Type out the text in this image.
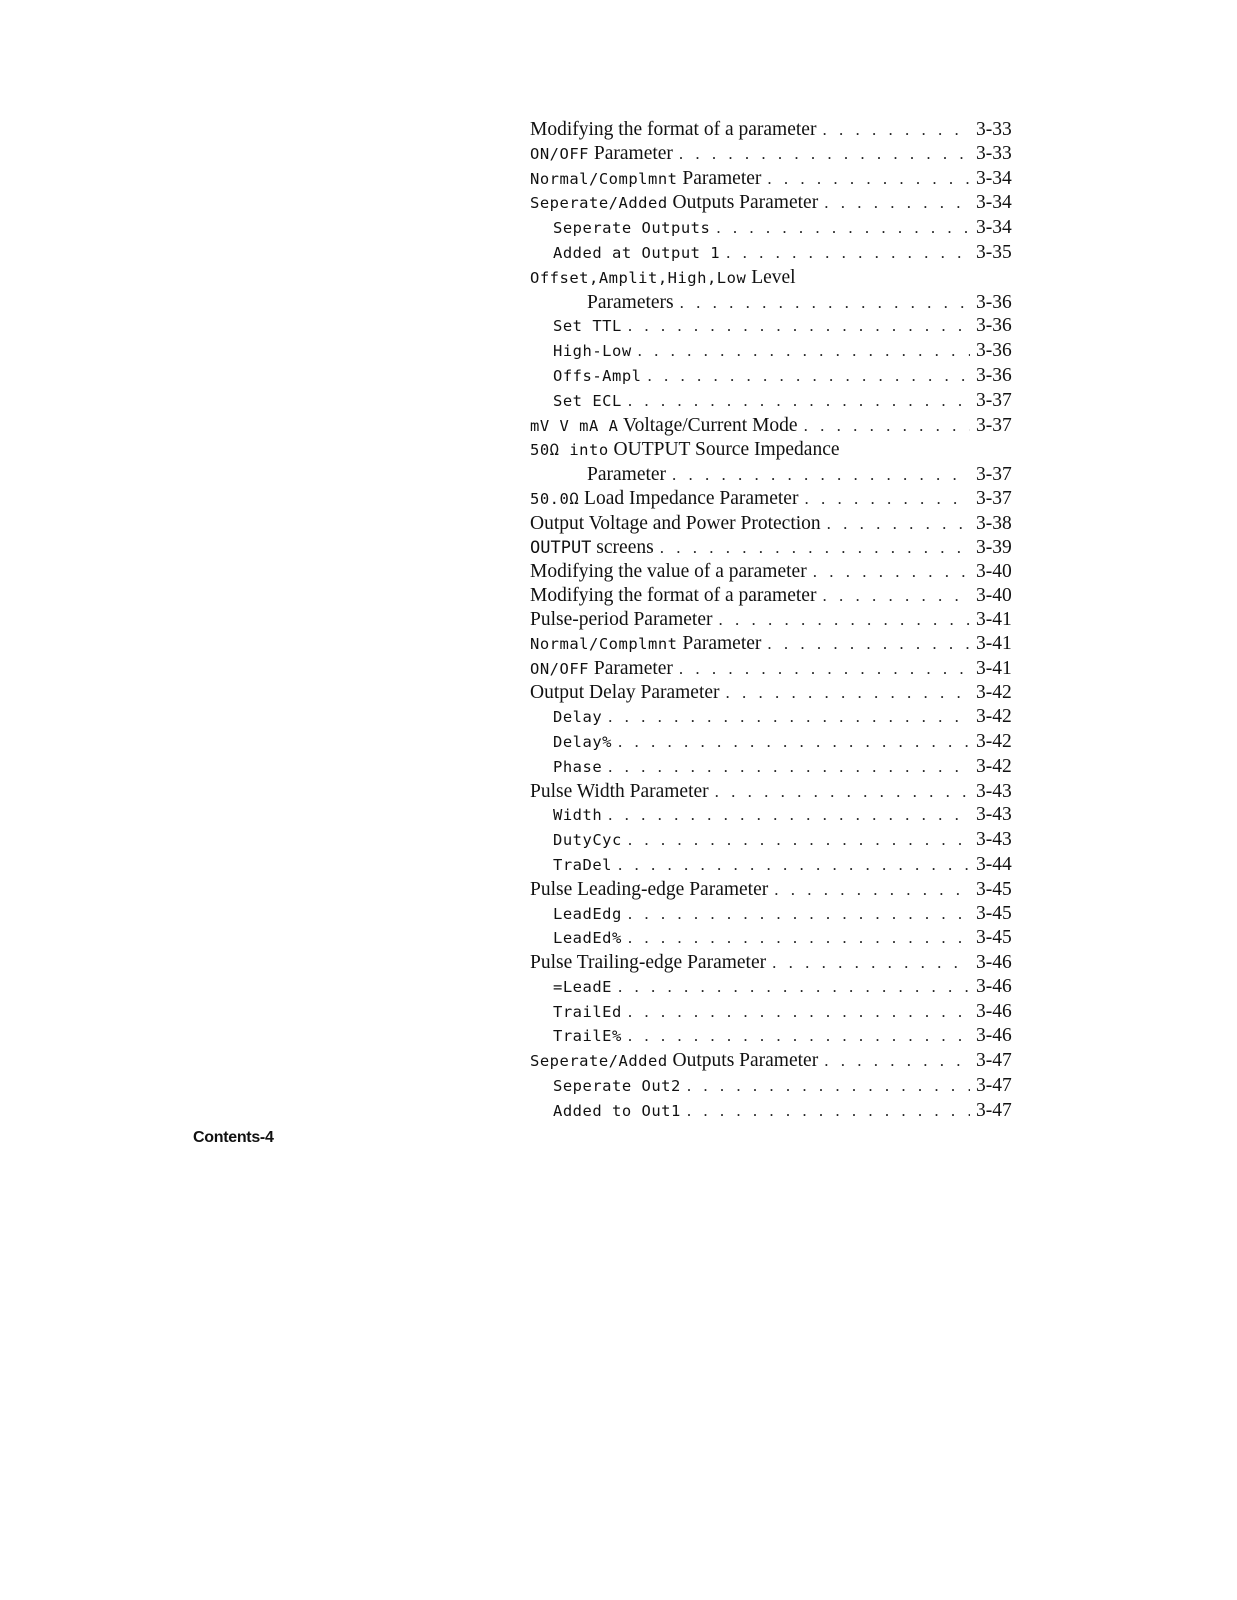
Modifying the format of a parameter . . .	3-33
ON/OFF Parameter . . .	3-33
Normal/Complmnt Parameter . . .	3-34
Seperate/Added Outputs Parameter . . .	3-34
Seperate Outputs . . .	3-34
Added at Output 1 . . .	3-35
Offset,Amplit,High,Low Level
Parameters . . .	3-36
Set TTL . . .	3-36
High-Low . . .	3-36
Offs-Ampl . . .	3-36
Set ECL . . .	3-37
mV V mA A Voltage/Current Mode . . .	3-37
50Ω into OUTPUT Source Impedance
Parameter . . .	3-37
50.0Ω Load Impedance Parameter . . .	3-37
Output Voltage and Power Protection . . .	3-38
OUTPUT screens . . .	3-39
Modifying the value of a parameter . . .	3-40
Modifying the format of a parameter . . .	3-40
Pulse-period Parameter . . .	3-41
Normal/Complmnt Parameter . . .	3-41
ON/OFF Parameter . . .	3-41
Output Delay Parameter . . .	3-42
Delay . . .	3-42
Delay% . . .	3-42
Phase . . .	3-42
Pulse Width Parameter . . .	3-43
Width . . .	3-43
DutyCyc . . .	3-43
TraDel . . .	3-44
Pulse Leading-edge Parameter . . .	3-45
LeadEdg . . .	3-45
LeadEd% . . .	3-45
Pulse Trailing-edge Parameter . . .	3-46
=LeadE . . .	3-46
TrailEd . . .	3-46
TrailE% . . .	3-46
Seperate/Added Outputs Parameter . . .	3-47
Seperate Out2 . . .	3-47
Added to Out1 . . .	3-47
Contents-4
